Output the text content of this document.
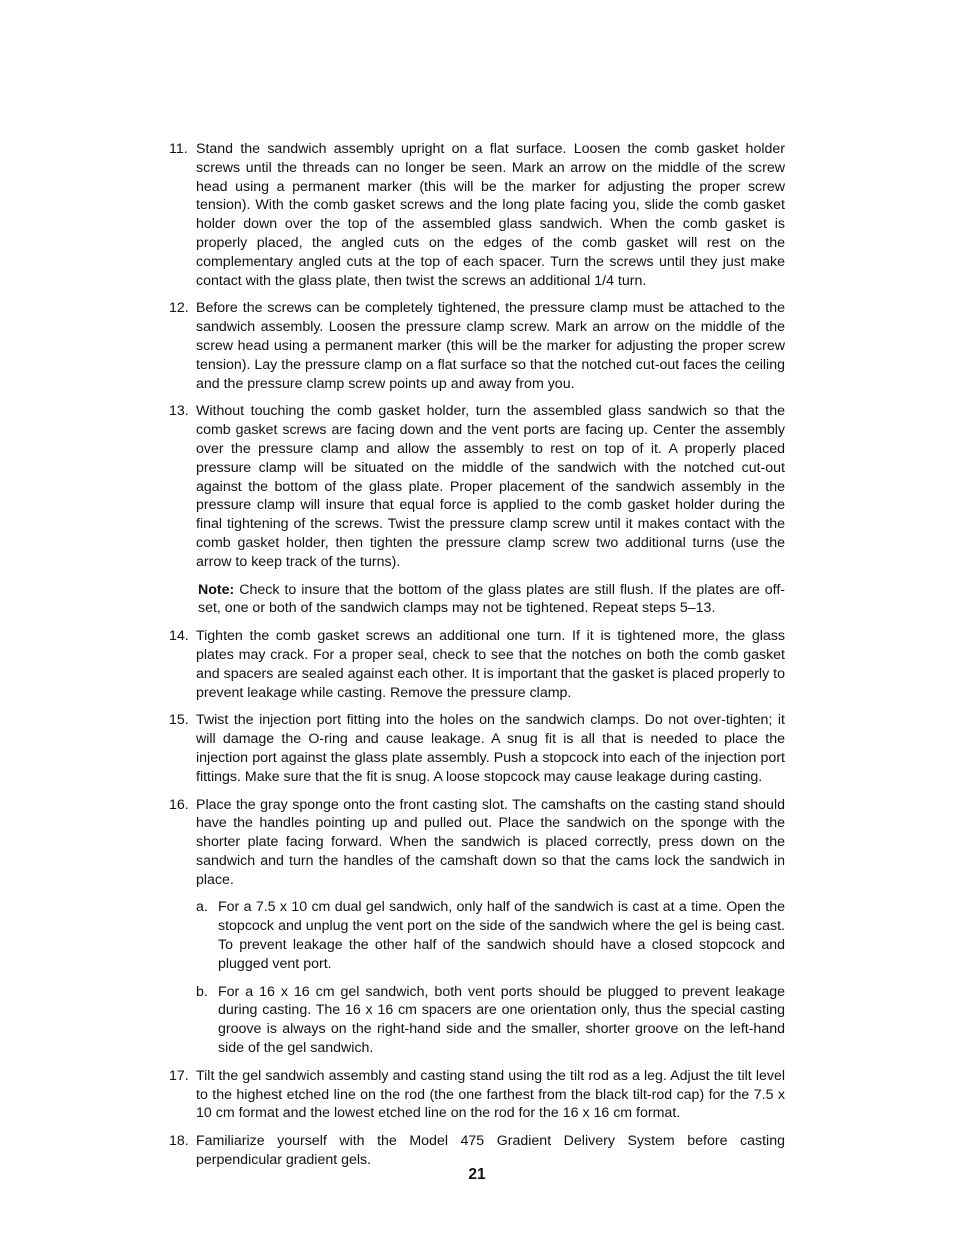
11. Stand the sandwich assembly upright on a flat surface. Loosen the comb gasket holder screws until the threads can no longer be seen. Mark an arrow on the middle of the screw head using a permanent marker (this will be the marker for adjusting the proper screw tension). With the comb gasket screws and the long plate facing you, slide the comb gasket holder down over the top of the assembled glass sandwich. When the comb gasket is properly placed, the angled cuts on the edges of the comb gasket will rest on the complementary angled cuts at the top of each spacer. Turn the screws until they just make contact with the glass plate, then twist the screws an additional 1/4 turn.
12. Before the screws can be completely tightened, the pressure clamp must be attached to the sandwich assembly. Loosen the pressure clamp screw. Mark an arrow on the middle of the screw head using a permanent marker (this will be the marker for adjusting the proper screw tension). Lay the pressure clamp on a flat surface so that the notched cut-out faces the ceiling and the pressure clamp screw points up and away from you.
13. Without touching the comb gasket holder, turn the assembled glass sandwich so that the comb gasket screws are facing down and the vent ports are facing up. Center the assembly over the pressure clamp and allow the assembly to rest on top of it. A properly placed pressure clamp will be situated on the middle of the sandwich with the notched cut-out against the bottom of the glass plate. Proper placement of the sandwich assembly in the pressure clamp will insure that equal force is applied to the comb gasket holder during the final tightening of the screws. Twist the pressure clamp screw until it makes contact with the comb gasket holder, then tighten the pressure clamp screw two additional turns (use the arrow to keep track of the turns).
Note: Check to insure that the bottom of the glass plates are still flush. If the plates are off-set, one or both of the sandwich clamps may not be tightened. Repeat steps 5–13.
14. Tighten the comb gasket screws an additional one turn. If it is tightened more, the glass plates may crack. For a proper seal, check to see that the notches on both the comb gasket and spacers are sealed against each other. It is important that the gasket is placed properly to prevent leakage while casting. Remove the pressure clamp.
15. Twist the injection port fitting into the holes on the sandwich clamps. Do not over-tighten; it will damage the O-ring and cause leakage. A snug fit is all that is needed to place the injection port against the glass plate assembly. Push a stopcock into each of the injection port fittings. Make sure that the fit is snug. A loose stopcock may cause leakage during casting.
16. Place the gray sponge onto the front casting slot. The camshafts on the casting stand should have the handles pointing up and pulled out. Place the sandwich on the sponge with the shorter plate facing forward. When the sandwich is placed correctly, press down on the sandwich and turn the handles of the camshaft down so that the cams lock the sandwich in place.
a. For a 7.5 x 10 cm dual gel sandwich, only half of the sandwich is cast at a time. Open the stopcock and unplug the vent port on the side of the sandwich where the gel is being cast. To prevent leakage the other half of the sandwich should have a closed stopcock and plugged vent port.
b. For a 16 x 16 cm gel sandwich, both vent ports should be plugged to prevent leakage during casting. The 16 x 16 cm spacers are one orientation only, thus the special casting groove is always on the right-hand side and the smaller, shorter groove on the left-hand side of the gel sandwich.
17. Tilt the gel sandwich assembly and casting stand using the tilt rod as a leg. Adjust the tilt level to the highest etched line on the rod (the one farthest from the black tilt-rod cap) for the 7.5 x 10 cm format and the lowest etched line on the rod for the 16 x 16 cm format.
18. Familiarize yourself with the Model 475 Gradient Delivery System before casting perpendicular gradient gels.
21
